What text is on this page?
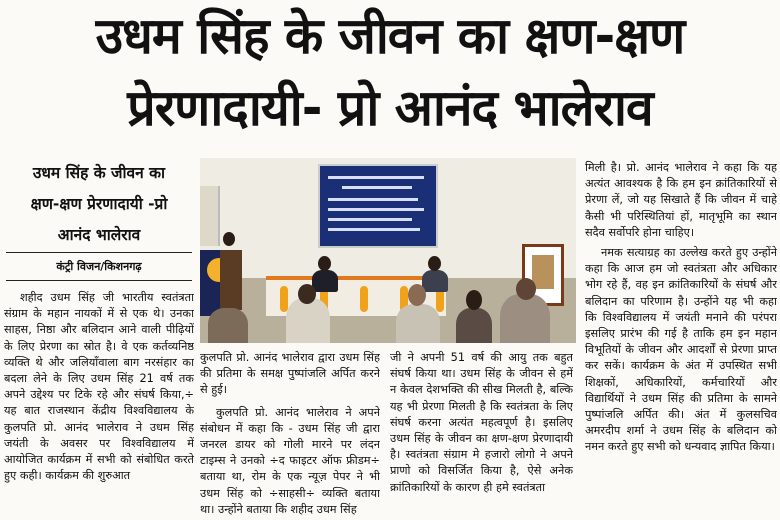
उधम सिंह के जीवन का क्षण-क्षण
प्रेरणादायी- प्रो आनंद भालेराव
उधम सिंह के जीवन का
क्षण-क्षण प्रेरणादायी -प्रो
आनंद भालेराव
कंट्री विजन/किशनगढ़

शहीद उधम सिंह जी भारतीय स्वतंत्रता संग्राम के महान नायकों में से एक थे। उनका साहस, निष्ठा और बलिदान आने वाली पीढ़ियों के लिए प्रेरणा का स्रोत है। वे एक कर्तव्यनिष्ठ व्यक्ति थे और जलियाँवाला बाग नरसंहार का बदला लेने के लिए उधम सिंह 21 वर्ष तक अपने उद्देश्य पर टिके रहे और संघर्ष किया,÷ यह बात राजस्थान केंद्रीय विश्वविद्यालय के कुलपति प्रो. आनंद भालेराव ने उधम सिंह जयंती के अवसर पर विश्वविद्यालय में आयोजित कार्यक्रम में सभी को संबोधित करते हुए कही। कार्यक्रम की शुरुआत

कुलपति प्रो. आनंद भालेराव द्वारा उधम सिंह की प्रतिमा के समक्ष पुष्पांजलि अर्पित करने से हुई।

कुलपति प्रो. आनंद भालेराव ने अपने संबोधन में कहा कि - उधम सिंह जी द्वारा जनरल डायर को गोली मारने पर लंदन टाइम्स ने उनको ÷द फाइटर ऑफ फ्रीडम÷ बताया था, रोम के एक न्यूज़ पेपर ने भी उधम सिंह को ÷साहसी÷ व्यक्ति बताया था। उन्होंने बताया कि शहीद उधम सिंह

जी ने अपनी 51 वर्ष की आयु तक बहुत संघर्ष किया था। उधम सिंह के जीवन से हमें न केवल देशभक्ति की सीख मिलती है, बल्कि यह भी प्रेरणा मिलती है कि स्वतंत्रता के लिए संघर्ष करना अत्यंत महत्वपूर्ण है। इसलिए उधम सिंह के जीवन का क्षण-क्षण प्रेरणादायी है। स्वतंत्रता संग्राम मे हजारो लोगो ने अपने प्राणो को विसर्जित किया है, ऐसे अनेक क्रांतिकारियों के कारण ही हमे स्वतंत्रता

मिली है। प्रो. आनंद भालेराव ने कहा कि यह अत्यंत आवश्यक है कि हम इन क्रांतिकारियों से प्रेरणा लें, जो यह सिखाते हैं कि जीवन में चाहे कैसी भी परिस्थितियां हों, मातृभूमि का स्थान सदैव सर्वोपरि होना चाहिए।

नमक सत्याग्रह का उल्लेख करते हुए उन्होंने कहा कि आज हम जो स्वतंत्रता और अधिकार भोग रहे हैं, वह इन क्रांतिकारियों के संघर्ष और बलिदान का परिणाम है। उन्होंने यह भी कहा कि विश्वविद्यालय में जयंती मनाने की परंपरा इसलिए प्रारंभ की गई है ताकि हम इन महान विभूतियों के जीवन और आदर्शों से प्रेरणा प्राप्त कर सकें। कार्यक्रम के अंत में उपस्थित सभी शिक्षकों, अधिकारियों, कर्मचारियों और विद्यार्थियों ने उधम सिंह की प्रतिमा के सामने पुष्पांजलि अर्पित की। अंत में कुलसचिव अमरदीप शर्मा ने उधम सिंह के बलिदान को नमन करते हुए सभी को धन्यवाद ज्ञापित किया।
